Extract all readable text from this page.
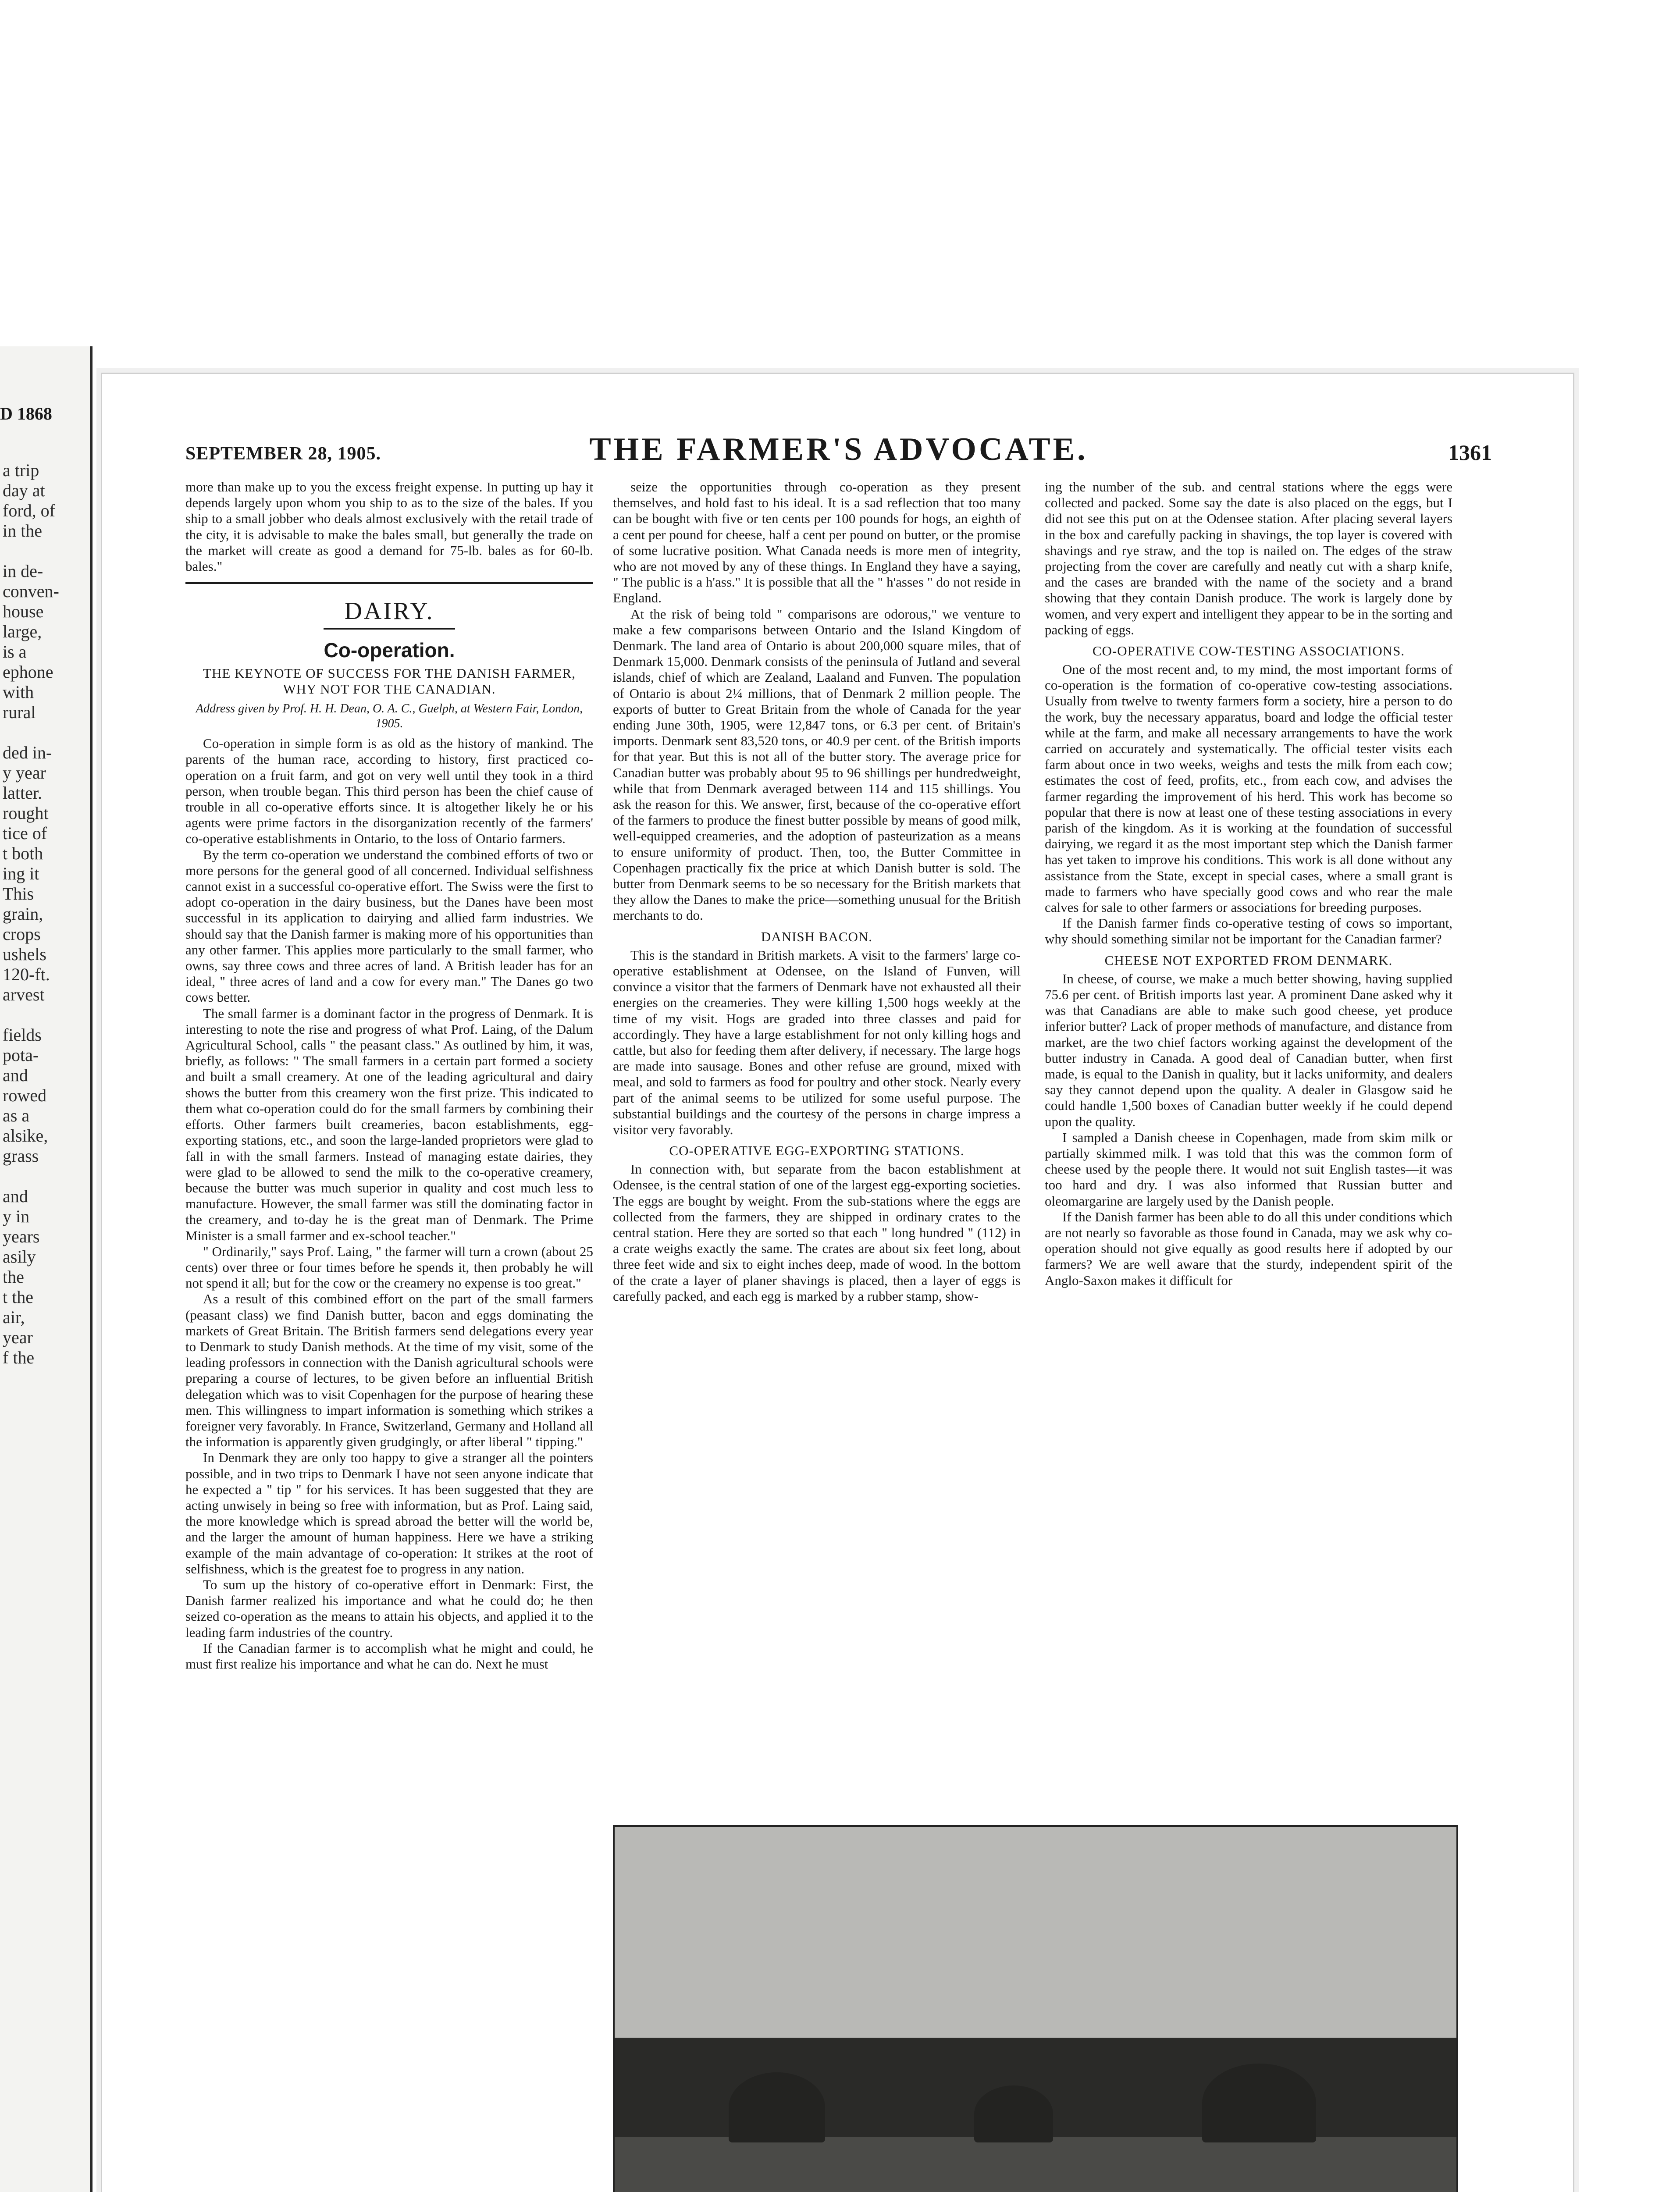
D 1868
a trip
day at
ford, of
in the
in de-
conven-
house
large,
is a
ephone
with
rural
ded in-
y year
latter.
rought
tice of
t both
ing it
This
grain,
crops
ushels
120-ft.
arvest
fields
pota-
and
rowed
as a
alsike,
grass
and
y in
years
asily
the
t the
air,
year
f the
SEPTEMBER 28, 1905.	THE FARMER'S ADVOCATE.	1361

more than make up to you the excess freight expense. In putting up hay it depends largely upon whom you ship to as to the size of the bales. If you ship to a small jobber who deals almost exclusively with the retail trade of the city, it is advisable to make the bales small, but generally the trade on the market will create as good a demand for 75-lb. bales as for 60-lb. bales."

DAIRY.
Co-operation.
THE KEYNOTE OF SUCCESS FOR THE DANISH FARMER, WHY NOT FOR THE CANADIAN.
Address given by Prof. H. H. Dean, O. A. C., Guelph, at Western Fair, London, 1905.

Co-operation in simple form is as old as the history of mankind. The parents of the human race, according to history, first practiced co-operation on a fruit farm, and got on very well until they took in a third person, when trouble began. This third person has been the chief cause of trouble in all co-operative efforts since. It is altogether likely he or his agents were prime factors in the disorganization recently of the farmers' co-operative establishments in Ontario, to the loss of Ontario farmers.

By the term co-operation we understand the combined efforts of two or more persons for the general good of all concerned. Individual selfishness cannot exist in a successful co-operative effort. The Swiss were the first to adopt co-operation in the dairy business, but the Danes have been most successful in its application to dairying and allied farm industries. We should say that the Danish farmer is making more of his opportunities than any other farmer. This applies more particularly to the small farmer, who owns, say three cows and three acres of land. A British leader has for an ideal, " three acres of land and a cow for every man." The Danes go two cows better.

The small farmer is a dominant factor in the progress of Denmark. It is interesting to note the rise and progress of what Prof. Laing, of the Dalum Agricultural School, calls " the peasant class." As outlined by him, it was, briefly, as follows: " The small farmers in a certain part formed a society and built a small creamery. At one of the leading agricultural and dairy shows the butter from this creamery won the first prize. This indicated to them what co-operation could do for the small farmers by combining their efforts. Other farmers built creameries, bacon establishments, egg-exporting stations, etc., and soon the large-landed proprietors were glad to fall in with the small farmers. Instead of managing estate dairies, they were glad to be allowed to send the milk to the co-operative creamery, because the butter was much superior in quality and cost much less to manufacture. However, the small farmer was still the dominating factor in the creamery, and to-day he is the great man of Denmark. The Prime Minister is a small farmer and ex-school teacher."

" Ordinarily," says Prof. Laing, " the farmer will turn a crown (about 25 cents) over three or four times before he spends it, then probably he will not spend it all; but for the cow or the creamery no expense is too great."

As a result of this combined effort on the part of the small farmers (peasant class) we find Danish butter, bacon and eggs dominating the markets of Great Britain. The British farmers send delegations every year to Denmark to study Danish methods. At the time of my visit, some of the leading professors in connection with the Danish agricultural schools were preparing a course of lectures, to be given before an influential British delegation which was to visit Copenhagen for the purpose of hearing these men. This willingness to impart information is something which strikes a foreigner very favorably. In France, Switzerland, Germany and Holland all the information is apparently given grudgingly, or after liberal " tipping."

In Denmark they are only too happy to give a stranger all the pointers possible, and in two trips to Denmark I have not seen anyone indicate that he expected a " tip " for his services. It has been suggested that they are acting unwisely in being so free with information, but as Prof. Laing said, the more knowledge which is spread abroad the better will the world be, and the larger the amount of human happiness. Here we have a striking example of the main advantage of co-operation: It strikes at the root of selfishness, which is the greatest foe to progress in any nation.

To sum up the history of co-operative effort in Denmark: First, the Danish farmer realized his importance and what he could do; he then seized co-operation as the means to attain his objects, and applied it to the leading farm industries of the country.

If the Canadian farmer is to accomplish what he might and could, he must first realize his importance and what he can do. Next he must

seize the opportunities through co-operation as they present themselves, and hold fast to his ideal. It is a sad reflection that too many can be bought with five or ten cents per 100 pounds for hogs, an eighth of a cent per pound for cheese, half a cent per pound on butter, or the promise of some lucrative position. What Canada needs is more men of integrity, who are not moved by any of these things. In England they have a saying, " The public is a h'ass." It is possible that all the " h'asses " do not reside in England.

At the risk of being told " comparisons are odorous," we venture to make a few comparisons between Ontario and the Island Kingdom of Denmark. The land area of Ontario is about 200,000 square miles, that of Denmark 15,000. Denmark consists of the peninsula of Jutland and several islands, chief of which are Zealand, Laaland and Funven. The population of Ontario is about 2¼ millions, that of Denmark 2 million people. The exports of butter to Great Britain from the whole of Canada for the year ending June 30th, 1905, were 12,847 tons, or 6.3 per cent. of Britain's imports. Denmark sent 83,520 tons, or 40.9 per cent. of the British imports for that year. But this is not all of the butter story. The average price for Canadian butter was probably about 95 to 96 shillings per hundredweight, while that from Denmark averaged between 114 and 115 shillings. You ask the reason for this. We answer, first, because of the co-operative effort of the farmers to produce the finest butter possible by means of good milk, well-equipped creameries, and the adoption of pasteurization as a means to ensure uniformity of product. Then, too, the Butter Committee in Copenhagen practically fix the price at which Danish butter is sold. The butter from Denmark seems to be so necessary for the British markets that they allow the Danes to make the price—something unusual for the British merchants to do.

DANISH BACON.

This is the standard in British markets. A visit to the farmers' large co-operative establishment at Odensee, on the Island of Funven, will convince a visitor that the farmers of Denmark have not exhausted all their energies on the creameries. They were killing 1,500 hogs weekly at the time of my visit. Hogs are graded into three classes and paid for accordingly. They have a large establishment for not only killing hogs and cattle, but also for feeding them after delivery, if necessary. The large hogs are made into sausage. Bones and other refuse are ground, mixed with meal, and sold to farmers as food for poultry and other stock. Nearly every part of the animal seems to be utilized for some useful purpose. The substantial buildings and the courtesy of the persons in charge impress a visitor very favorably.

CO-OPERATIVE EGG-EXPORTING STATIONS.

In connection with, but separate from the bacon establishment at Odensee, is the central station of one of the largest egg-exporting societies. The eggs are bought by weight. From the sub-stations where the eggs are collected from the farmers, they are shipped in ordinary crates to the central station. Here they are sorted so that each " long hundred " (112) in a crate weighs exactly the same. The crates are about six feet long, about three feet wide and six to eight inches deep, made of wood. In the bottom of the crate a layer of planer shavings is placed, then a layer of eggs is carefully packed, and each egg is marked by a rubber stamp, show-

ing the number of the sub. and central stations where the eggs were collected and packed. Some say the date is also placed on the eggs, but I did not see this put on at the Odensee station. After placing several layers in the box and carefully packing in shavings, the top layer is covered with shavings and rye straw, and the top is nailed on. The edges of the straw projecting from the cover are carefully and neatly cut with a sharp knife, and the cases are branded with the name of the society and a brand showing that they contain Danish produce. The work is largely done by women, and very expert and intelligent they appear to be in the sorting and packing of eggs.

CO-OPERATIVE COW-TESTING ASSOCIATIONS.

One of the most recent and, to my mind, the most important forms of co-operation is the formation of co-operative cow-testing associations. Usually from twelve to twenty farmers form a society, hire a person to do the work, buy the necessary apparatus, board and lodge the official tester while at the farm, and make all necessary arrangements to have the work carried on accurately and systematically. The official tester visits each farm about once in two weeks, weighs and tests the milk from each cow; estimates the cost of feed, profits, etc., from each cow, and advises the farmer regarding the improvement of his herd. This work has become so popular that there is now at least one of these testing associations in every parish of the kingdom. As it is working at the foundation of successful dairying, we regard it as the most important step which the Danish farmer has yet taken to improve his conditions. This work is all done without any assistance from the State, except in special cases, where a small grant is made to farmers who have specially good cows and who rear the male calves for sale to other farmers or associations for breeding purposes.

If the Danish farmer finds co-operative testing of cows so important, why should something similar not be important for the Canadian farmer?

CHEESE NOT EXPORTED FROM DENMARK.

In cheese, of course, we make a much better showing, having supplied 75.6 per cent. of British imports last year. A prominent Dane asked why it was that Canadians are able to make such good cheese, yet produce inferior butter? Lack of proper methods of manufacture, and distance from market, are the two chief factors working against the development of the butter industry in Canada. A good deal of Canadian butter, when first made, is equal to the Danish in quality, but it lacks uniformity, and dealers say they cannot depend upon the quality. A dealer in Glasgow said he could handle 1,500 boxes of Canadian butter weekly if he could depend upon the quality.

I sampled a Danish cheese in Copenhagen, made from skim milk or partially skimmed milk. I was told that this was the common form of cheese used by the people there. It would not suit English tastes—it was too hard and dry. I was also informed that Russian butter and oleomargarine are largely used by the Danish people.

If the Danish farmer has been able to do all this under conditions which are not nearly so favorable as those found in Canada, may we ask why co-operation should not give equally as good results here if adopted by our farmers? We are well aware that the sturdy, independent spirit of the Anglo-Saxon makes it difficult for
